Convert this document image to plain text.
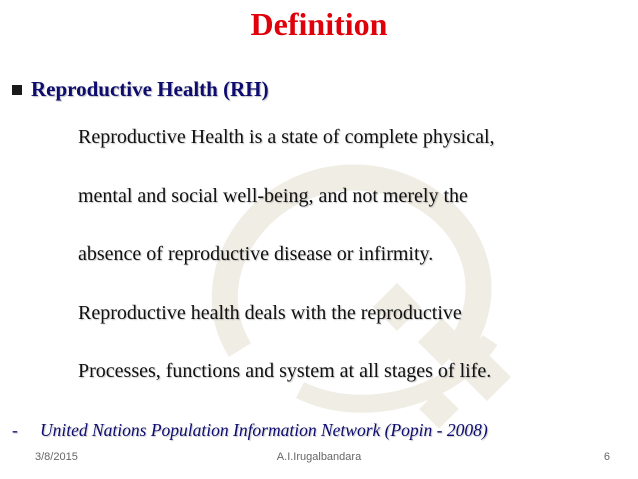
Definition
Reproductive Health (RH)
Reproductive Health is a state of complete physical,
mental and social well-being, and not merely the
absence of reproductive disease or infirmity.
Reproductive health deals with the reproductive
Processes, functions and system at all stages of life.
- United Nations Population Information Network (Popin - 2008)
3/8/2015	A.I.Irugalbandara	6
